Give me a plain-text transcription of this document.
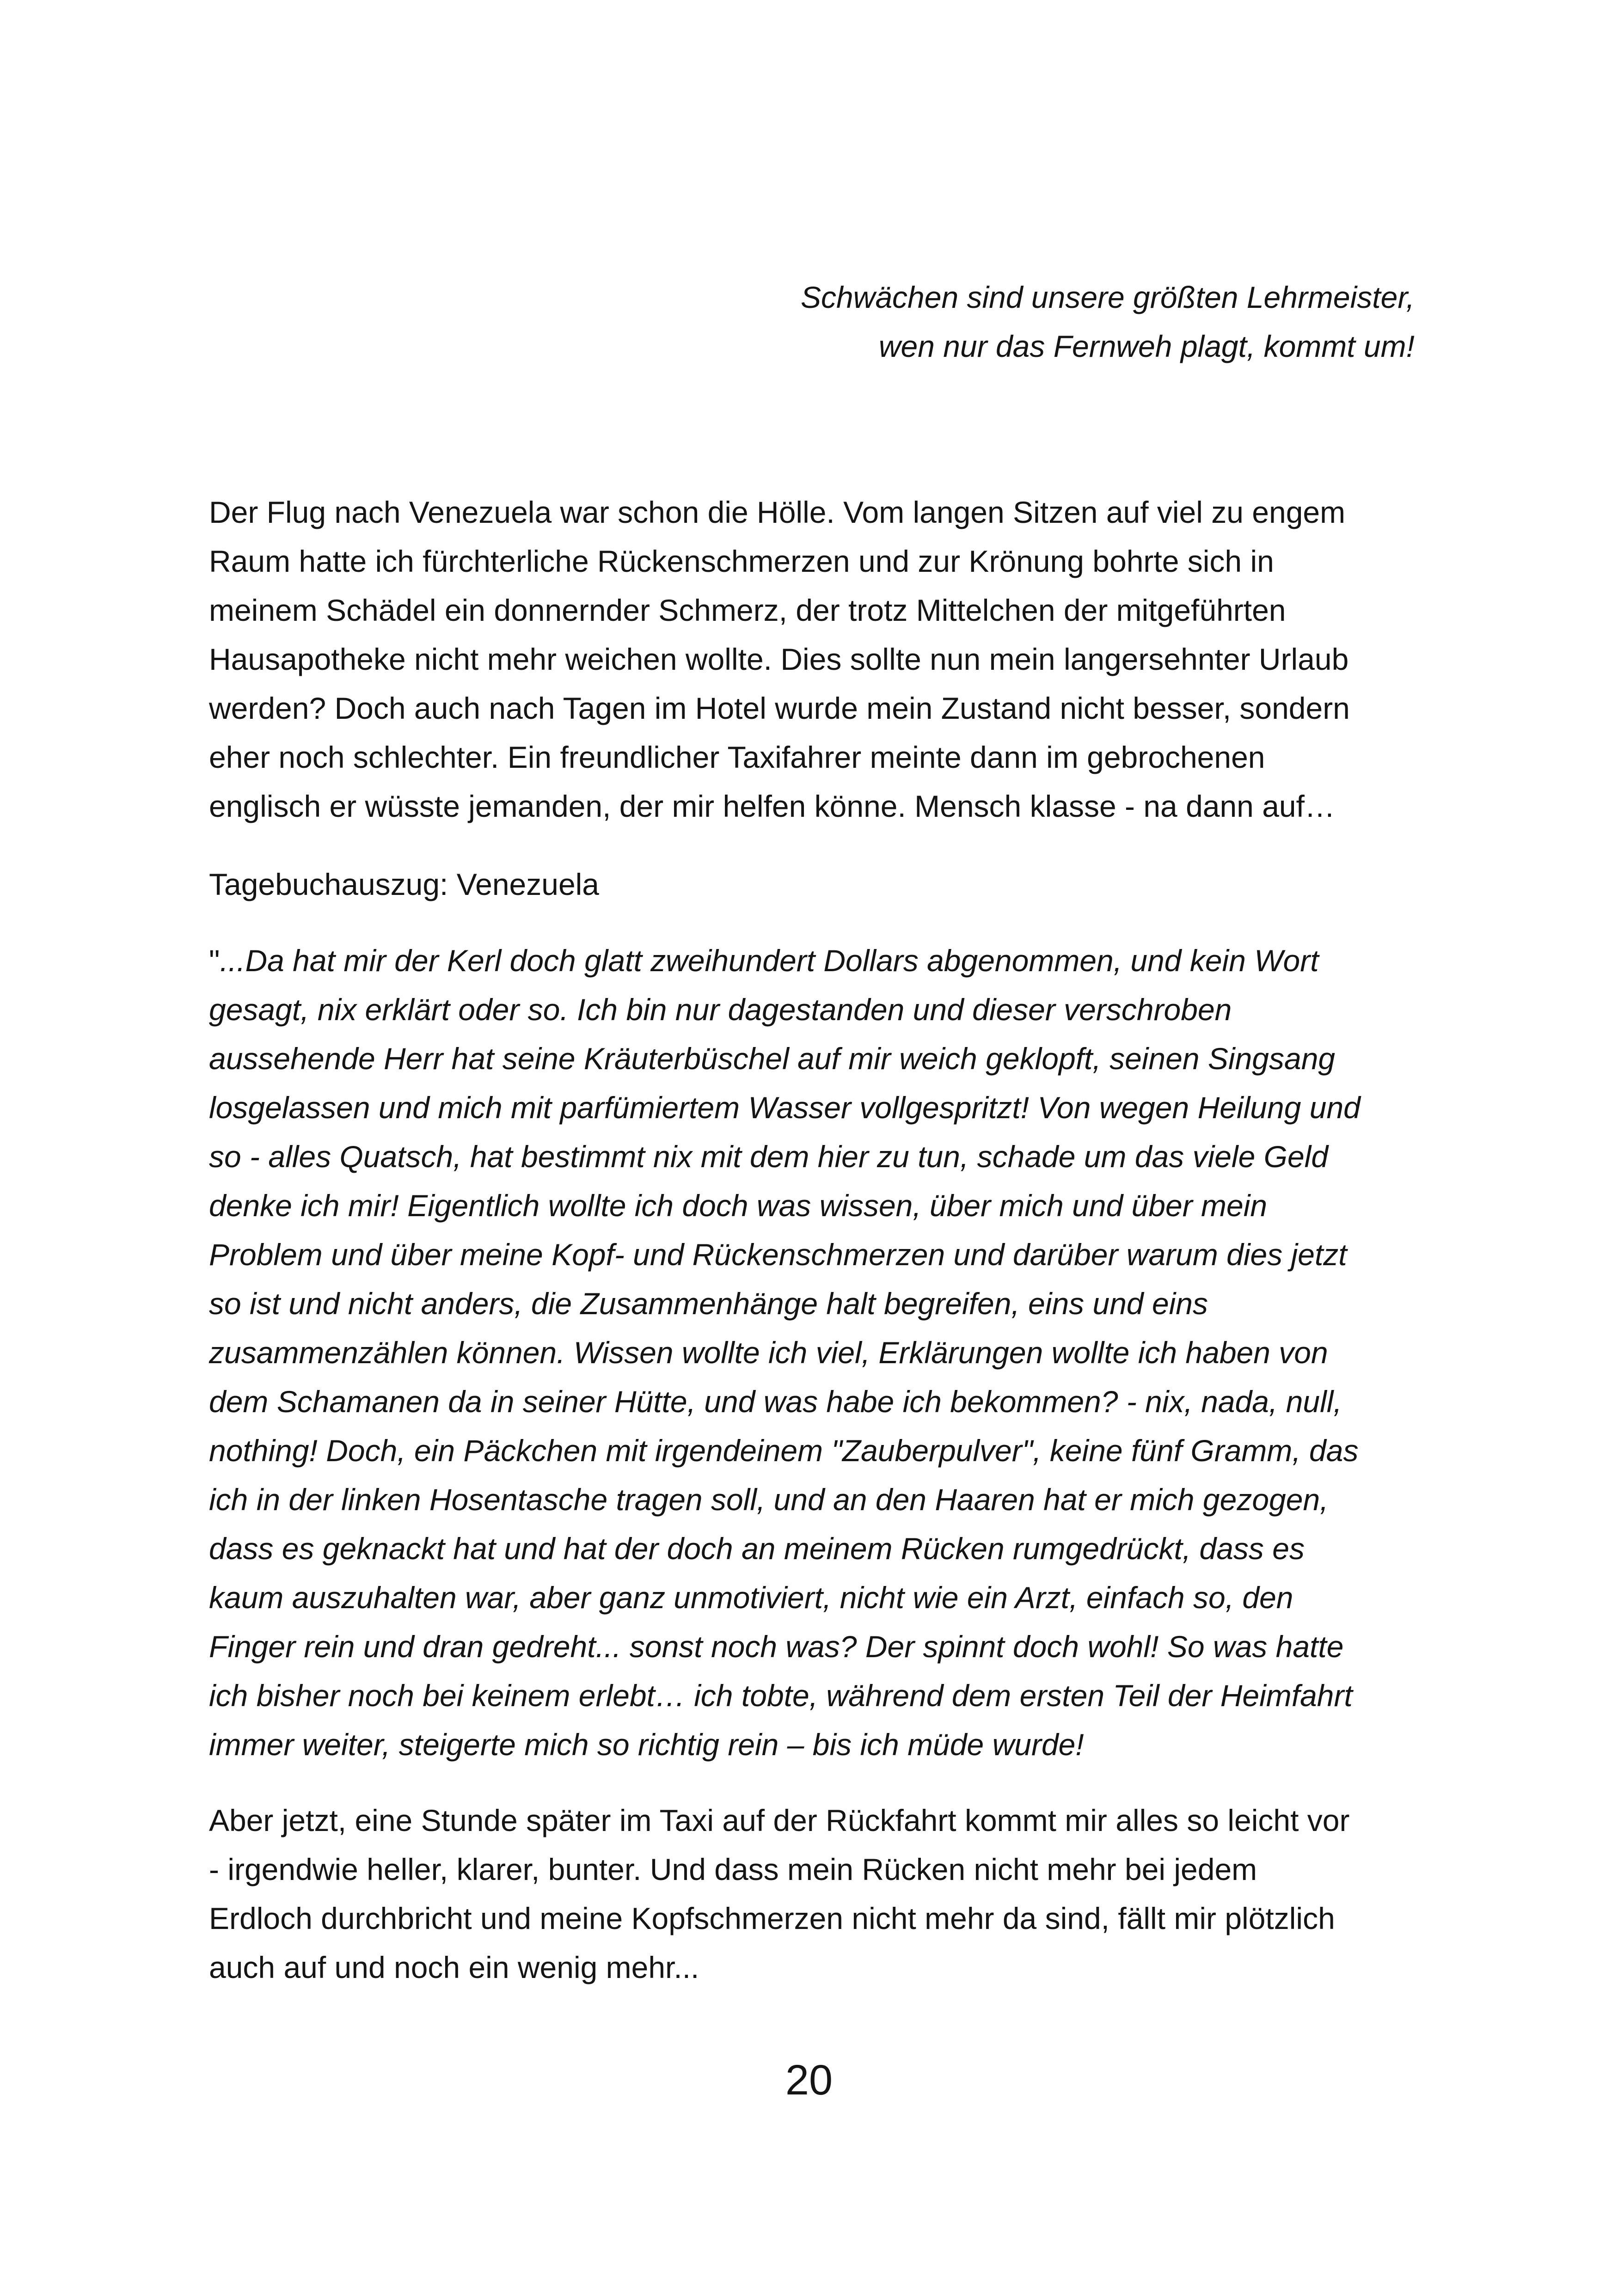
Schwächen sind unsere größten Lehrmeister,
wen nur das Fernweh plagt, kommt um!
Der Flug nach Venezuela war schon die Hölle. Vom langen Sitzen auf viel zu engem
Raum hatte ich fürchterliche Rückenschmerzen und zur Krönung bohrte sich in
meinem Schädel ein donnernder Schmerz, der trotz Mittelchen der mitgeführten
Hausapotheke nicht mehr weichen wollte. Dies sollte nun mein langersehnter Urlaub
werden? Doch auch nach Tagen im Hotel wurde mein Zustand nicht besser, sondern
eher noch schlechter. Ein freundlicher Taxifahrer meinte dann im gebrochenen
englisch er wüsste jemanden, der mir helfen könne. Mensch klasse - na dann auf…
Tagebuchauszug: Venezuela
"...Da hat mir der Kerl doch glatt zweihundert Dollars abgenommen, und kein Wort
gesagt, nix erklärt oder so. Ich bin nur dagestanden und dieser verschroben
aussehende Herr hat seine Kräuterbüschel auf mir weich geklopft, seinen Singsang
losgelassen und mich mit parfümiertem Wasser vollgespritzt! Von wegen Heilung und
so - alles Quatsch, hat bestimmt nix mit dem hier zu tun, schade um das viele Geld
denke ich mir! Eigentlich wollte ich doch was wissen, über mich und über mein
Problem und über meine Kopf- und Rückenschmerzen und darüber warum dies jetzt
so ist und nicht anders, die Zusammenhänge halt begreifen, eins und eins
zusammenzählen können. Wissen wollte ich viel, Erklärungen wollte ich haben von
dem Schamanen da in seiner Hütte, und was habe ich bekommen? - nix, nada, null,
nothing! Doch, ein Päckchen mit irgendeinem "Zauberpulver", keine fünf Gramm, das
ich in der linken Hosentasche tragen soll, und an den Haaren hat er mich gezogen,
dass es geknackt hat und hat der doch an meinem Rücken rumgedrückt, dass es
kaum auszuhalten war, aber ganz unmotiviert, nicht wie ein Arzt, einfach so, den
Finger rein und dran gedreht... sonst noch was? Der spinnt doch wohl! So was hatte
ich bisher noch bei keinem erlebt… ich tobte, während dem ersten Teil der Heimfahrt
immer weiter, steigerte mich so richtig rein – bis ich müde wurde!
Aber jetzt, eine Stunde später im Taxi auf der Rückfahrt kommt mir alles so leicht vor
- irgendwie heller, klarer, bunter. Und dass mein Rücken nicht mehr bei jedem
Erdloch durchbricht und meine Kopfschmerzen nicht mehr da sind, fällt mir plötzlich
auch auf und noch ein wenig mehr...
20
